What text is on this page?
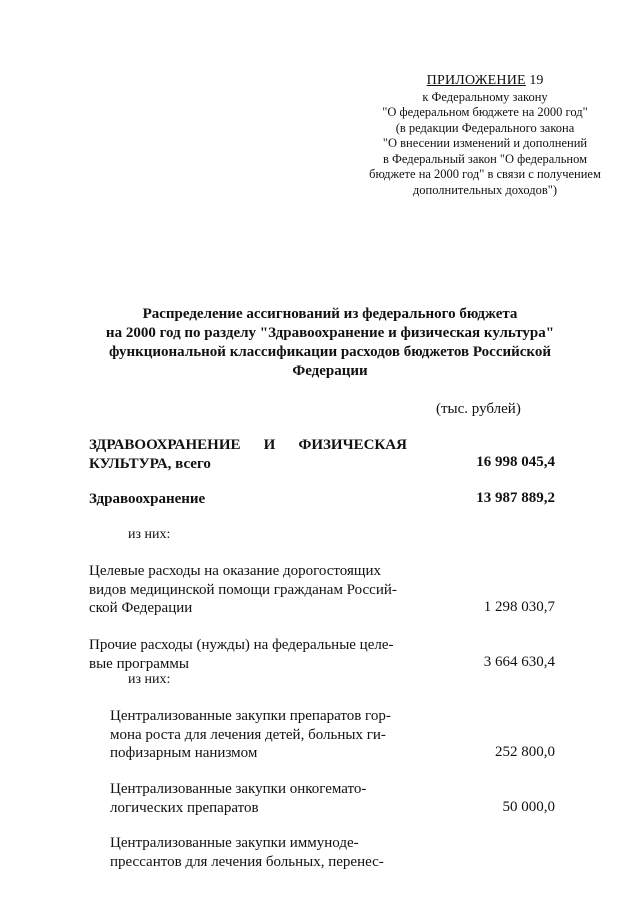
ПРИЛОЖЕНИЕ 19
к Федеральному закону
"О федеральном бюджете на 2000 год"
(в редакции Федерального закона
"О внесении изменений и дополнений
в Федеральный закон "О федеральном
бюджете на 2000 год" в связи с получением
дополнительных доходов")
Распределение ассигнований из федерального бюджета
на 2000 год по разделу "Здравоохранение и физическая культура"
функциональной классификации расходов бюджетов Российской
Федерации
(тыс. рублей)
ЗДРАВООХРАНЕНИЕ И ФИЗИЧЕСКАЯ
КУЛЬТУРА, всего	16 998 045,4
Здравоохранение	13 987 889,2
из них:
Целевые расходы на оказание дорогостоящих
видов медицинской помощи гражданам Россий-
ской Федерации	1 298 030,7
Прочие расходы (нужды) на федеральные целе-
вые программы	3 664 630,4
из них:
Централизованные закупки препаратов гор-
мона роста для лечения детей, больных ги-
пофизарным нанизмом	252 800,0
Централизованные закупки онкогемато-
логических препаратов	50 000,0
Централизованные закупки иммуноде-
прессантов для лечения больных, перенес-
